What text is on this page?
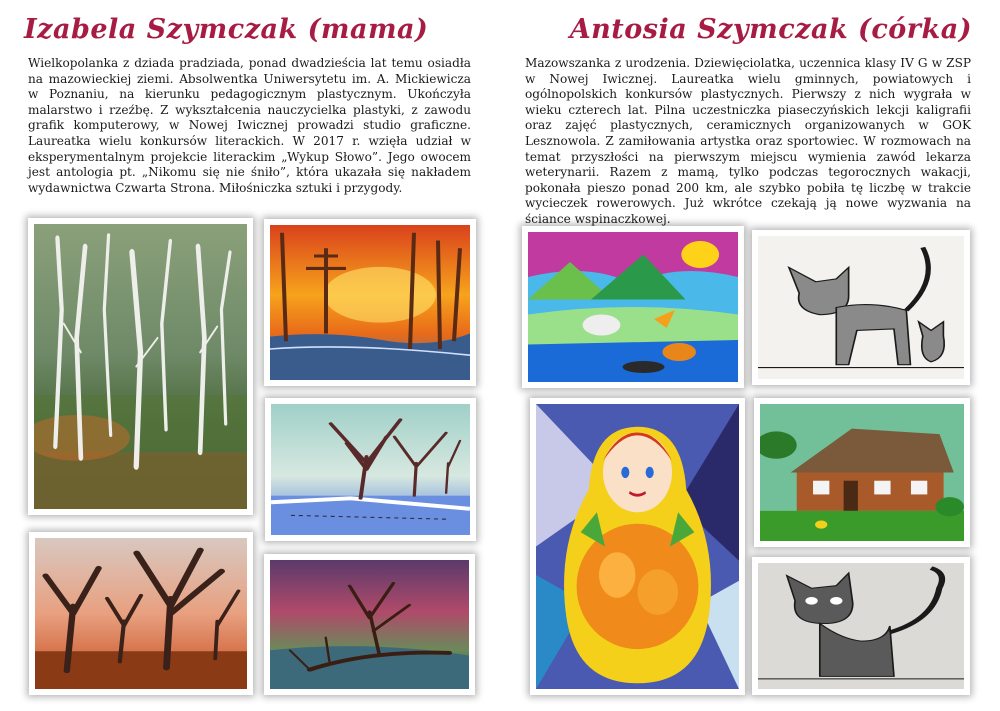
Izabela Szymczak (mama)

Wielkopolanka z dziada pradziada, ponad dwadzieścia lat temu osiadła na mazowieckiej ziemi. Absolwentka Uniwersytetu im. A. Mickiewicza w Poznaniu, na kierunku pedagogicznym plastycznym. Ukończyła malarstwo i rzeźbę. Z wykształcenia nauczycielka plastyki, z zawodu grafik komputerowy, w Nowej Iwicznej prowadzi studio graficzne. Laureatka wielu konkursów literackich. W 2017 r. wzięła udział w eksperymentalnym projekcie literackim „Wykup Słowo”. Jego owocem jest antologia pt. „Nikomu się nie śniło”, która ukazała się nakładem wydawnictwa Czwarta Strona. Miłośniczka sztuki i przygody.

Antosia Szymczak (córka)

Mazowszanka z urodzenia. Dziewięciolatka, uczennica klasy IV G w ZSP w Nowej Iwicznej. Laureatka wielu gminnych, powiatowych i ogólnopolskich konkursów plastycznych. Pierwszy z nich wygrała w wieku czterech lat. Pilna uczestniczka piaseczyńskich lekcji kaligrafii oraz zajęć plastycznych, ceramicznych organizowanych w GOK Lesznowola. Z zamiłowania artystka oraz sportowiec. W rozmowach na temat przyszłości na pierwszym miejscu wymienia zawód lekarza weterynarii. Razem z mamą, tylko podczas tegorocznych wakacji, pokonała pieszo ponad 200 km, ale szybko pobiła tę liczbę w trakcie wycieczek rowerowych. Już wkrótce czekają ją nowe wyzwania na ściance wspinaczkowej.
